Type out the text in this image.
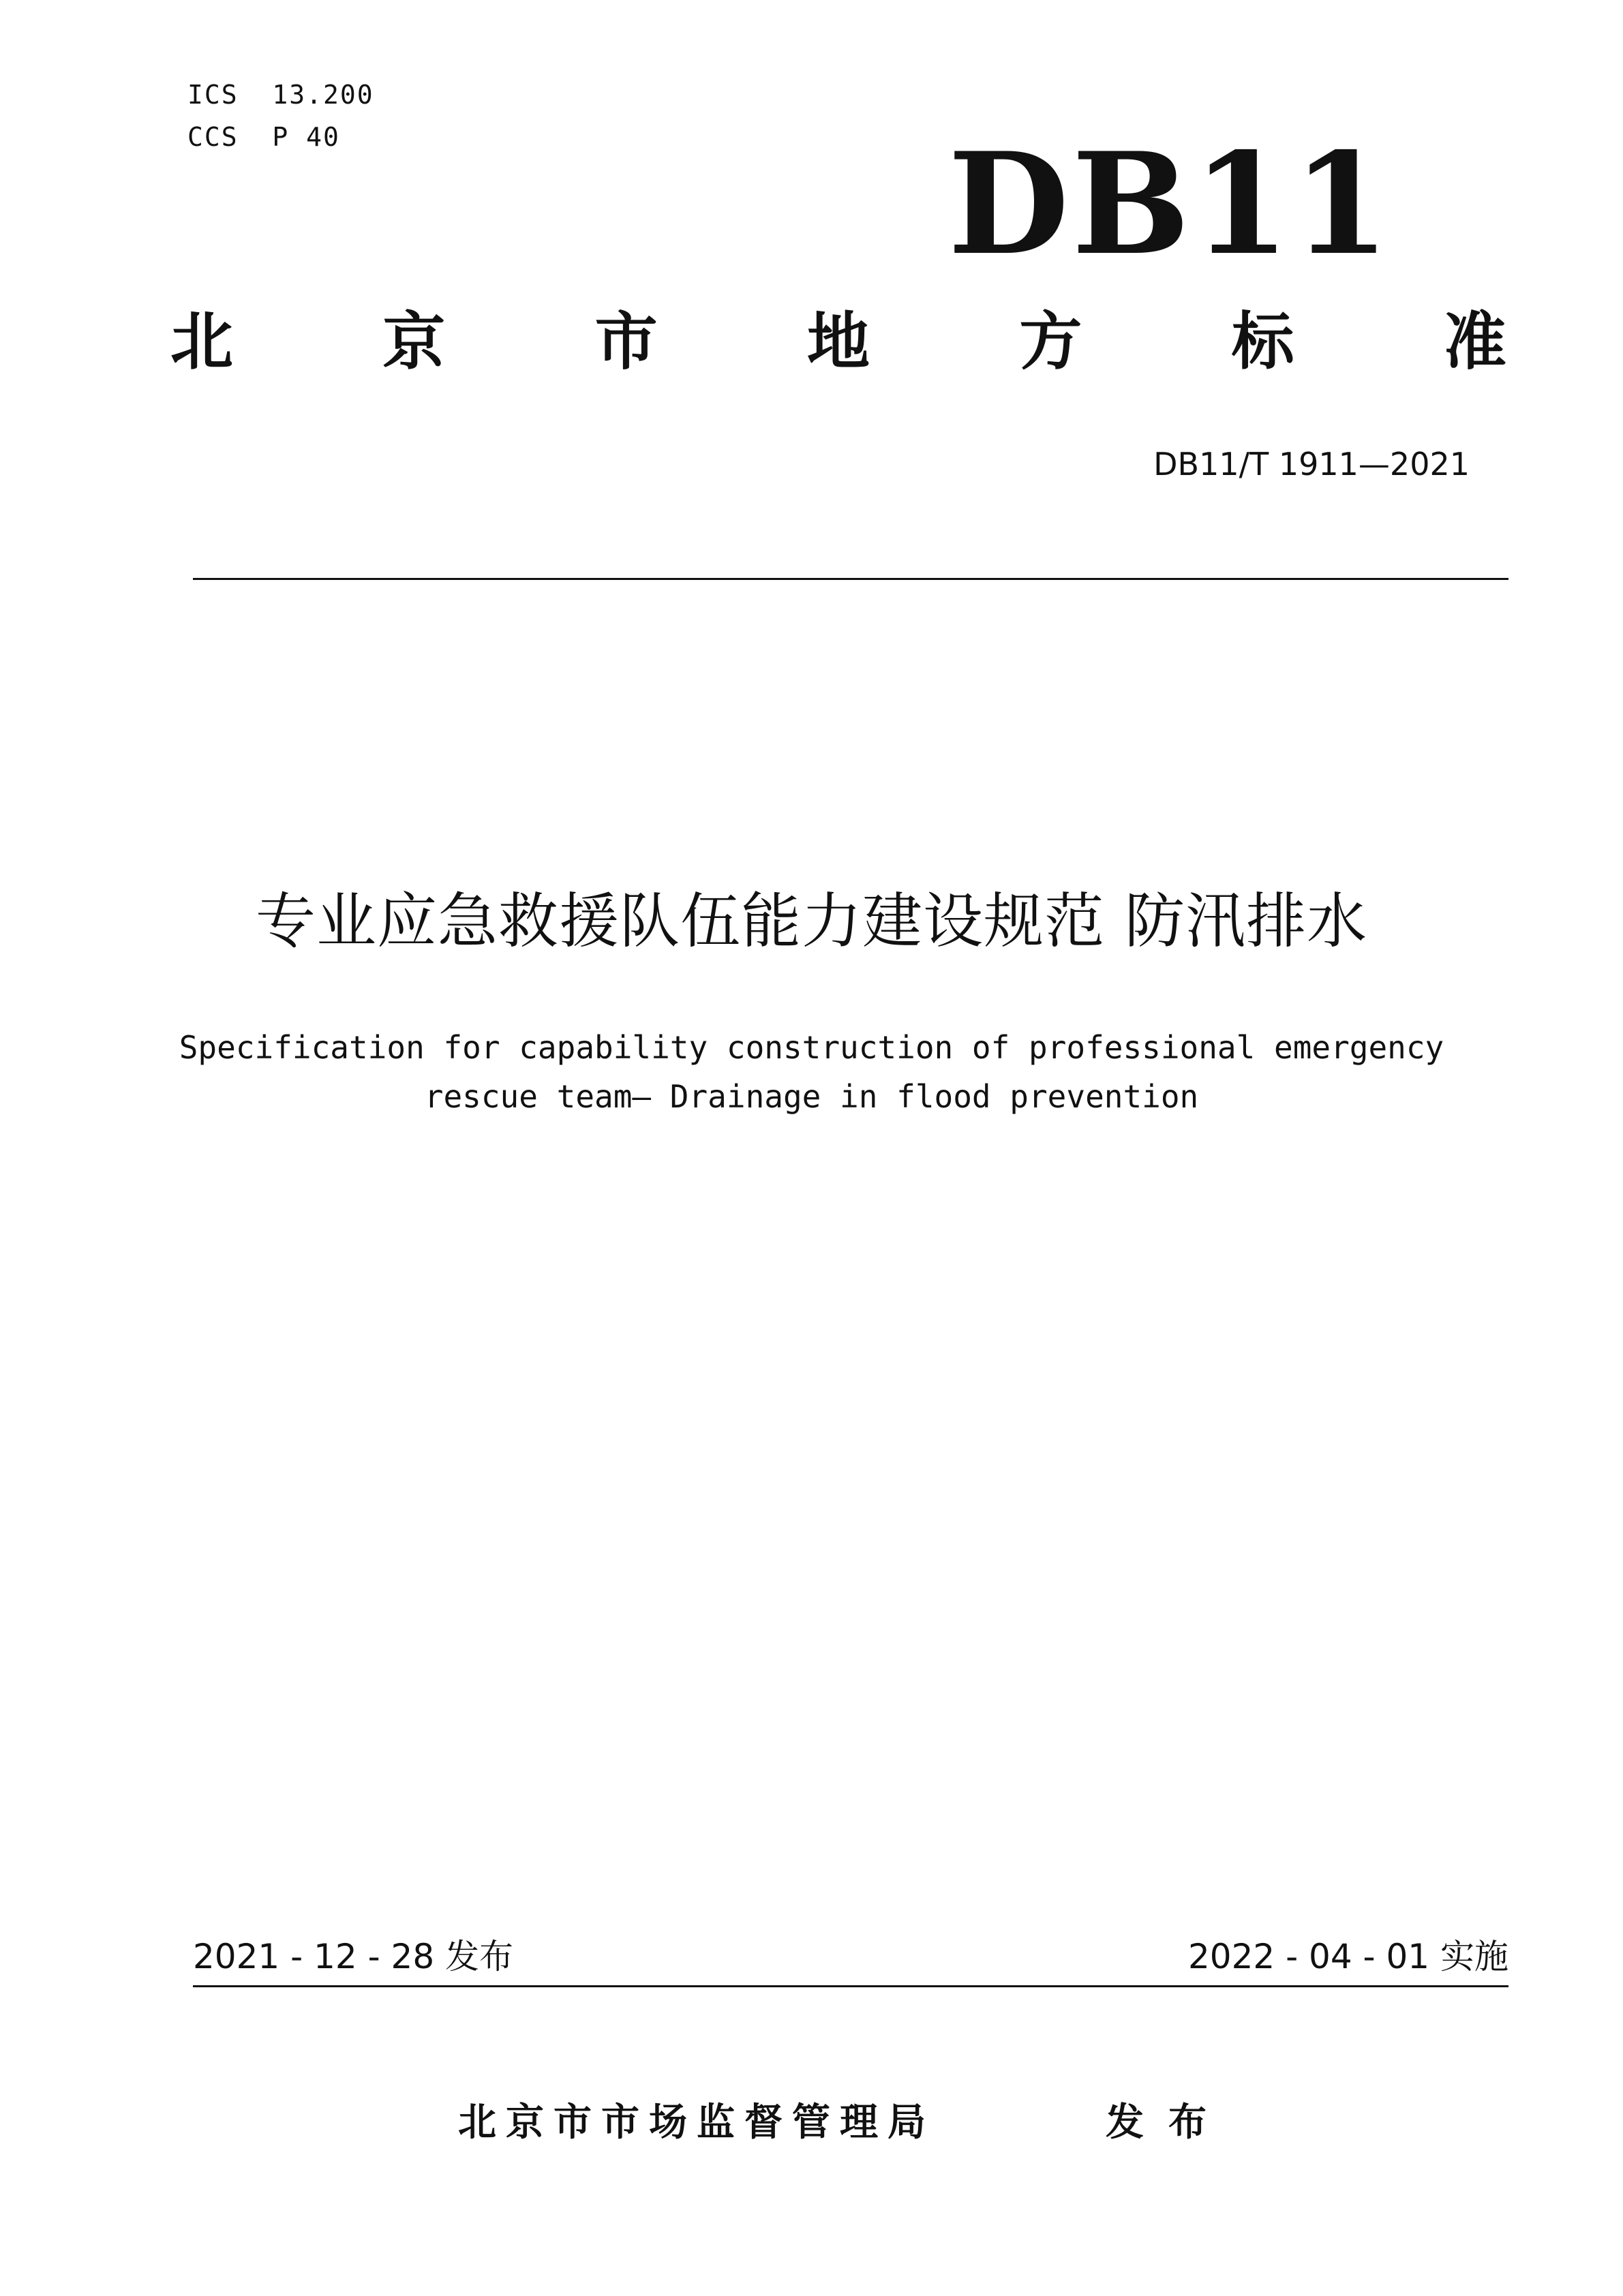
ICS  13.200
CCS  P 40	DB11
北 京 市 地 方 标 准
DB11/T 1911—2021
专业应急救援队伍能力建设规范 防汛排水
Specification for capability construction of professional emergency
rescue team— Drainage in flood prevention
2021 - 12 - 28 发布	2022 - 04 - 01 实施
北京市市场监督管理局	发布
